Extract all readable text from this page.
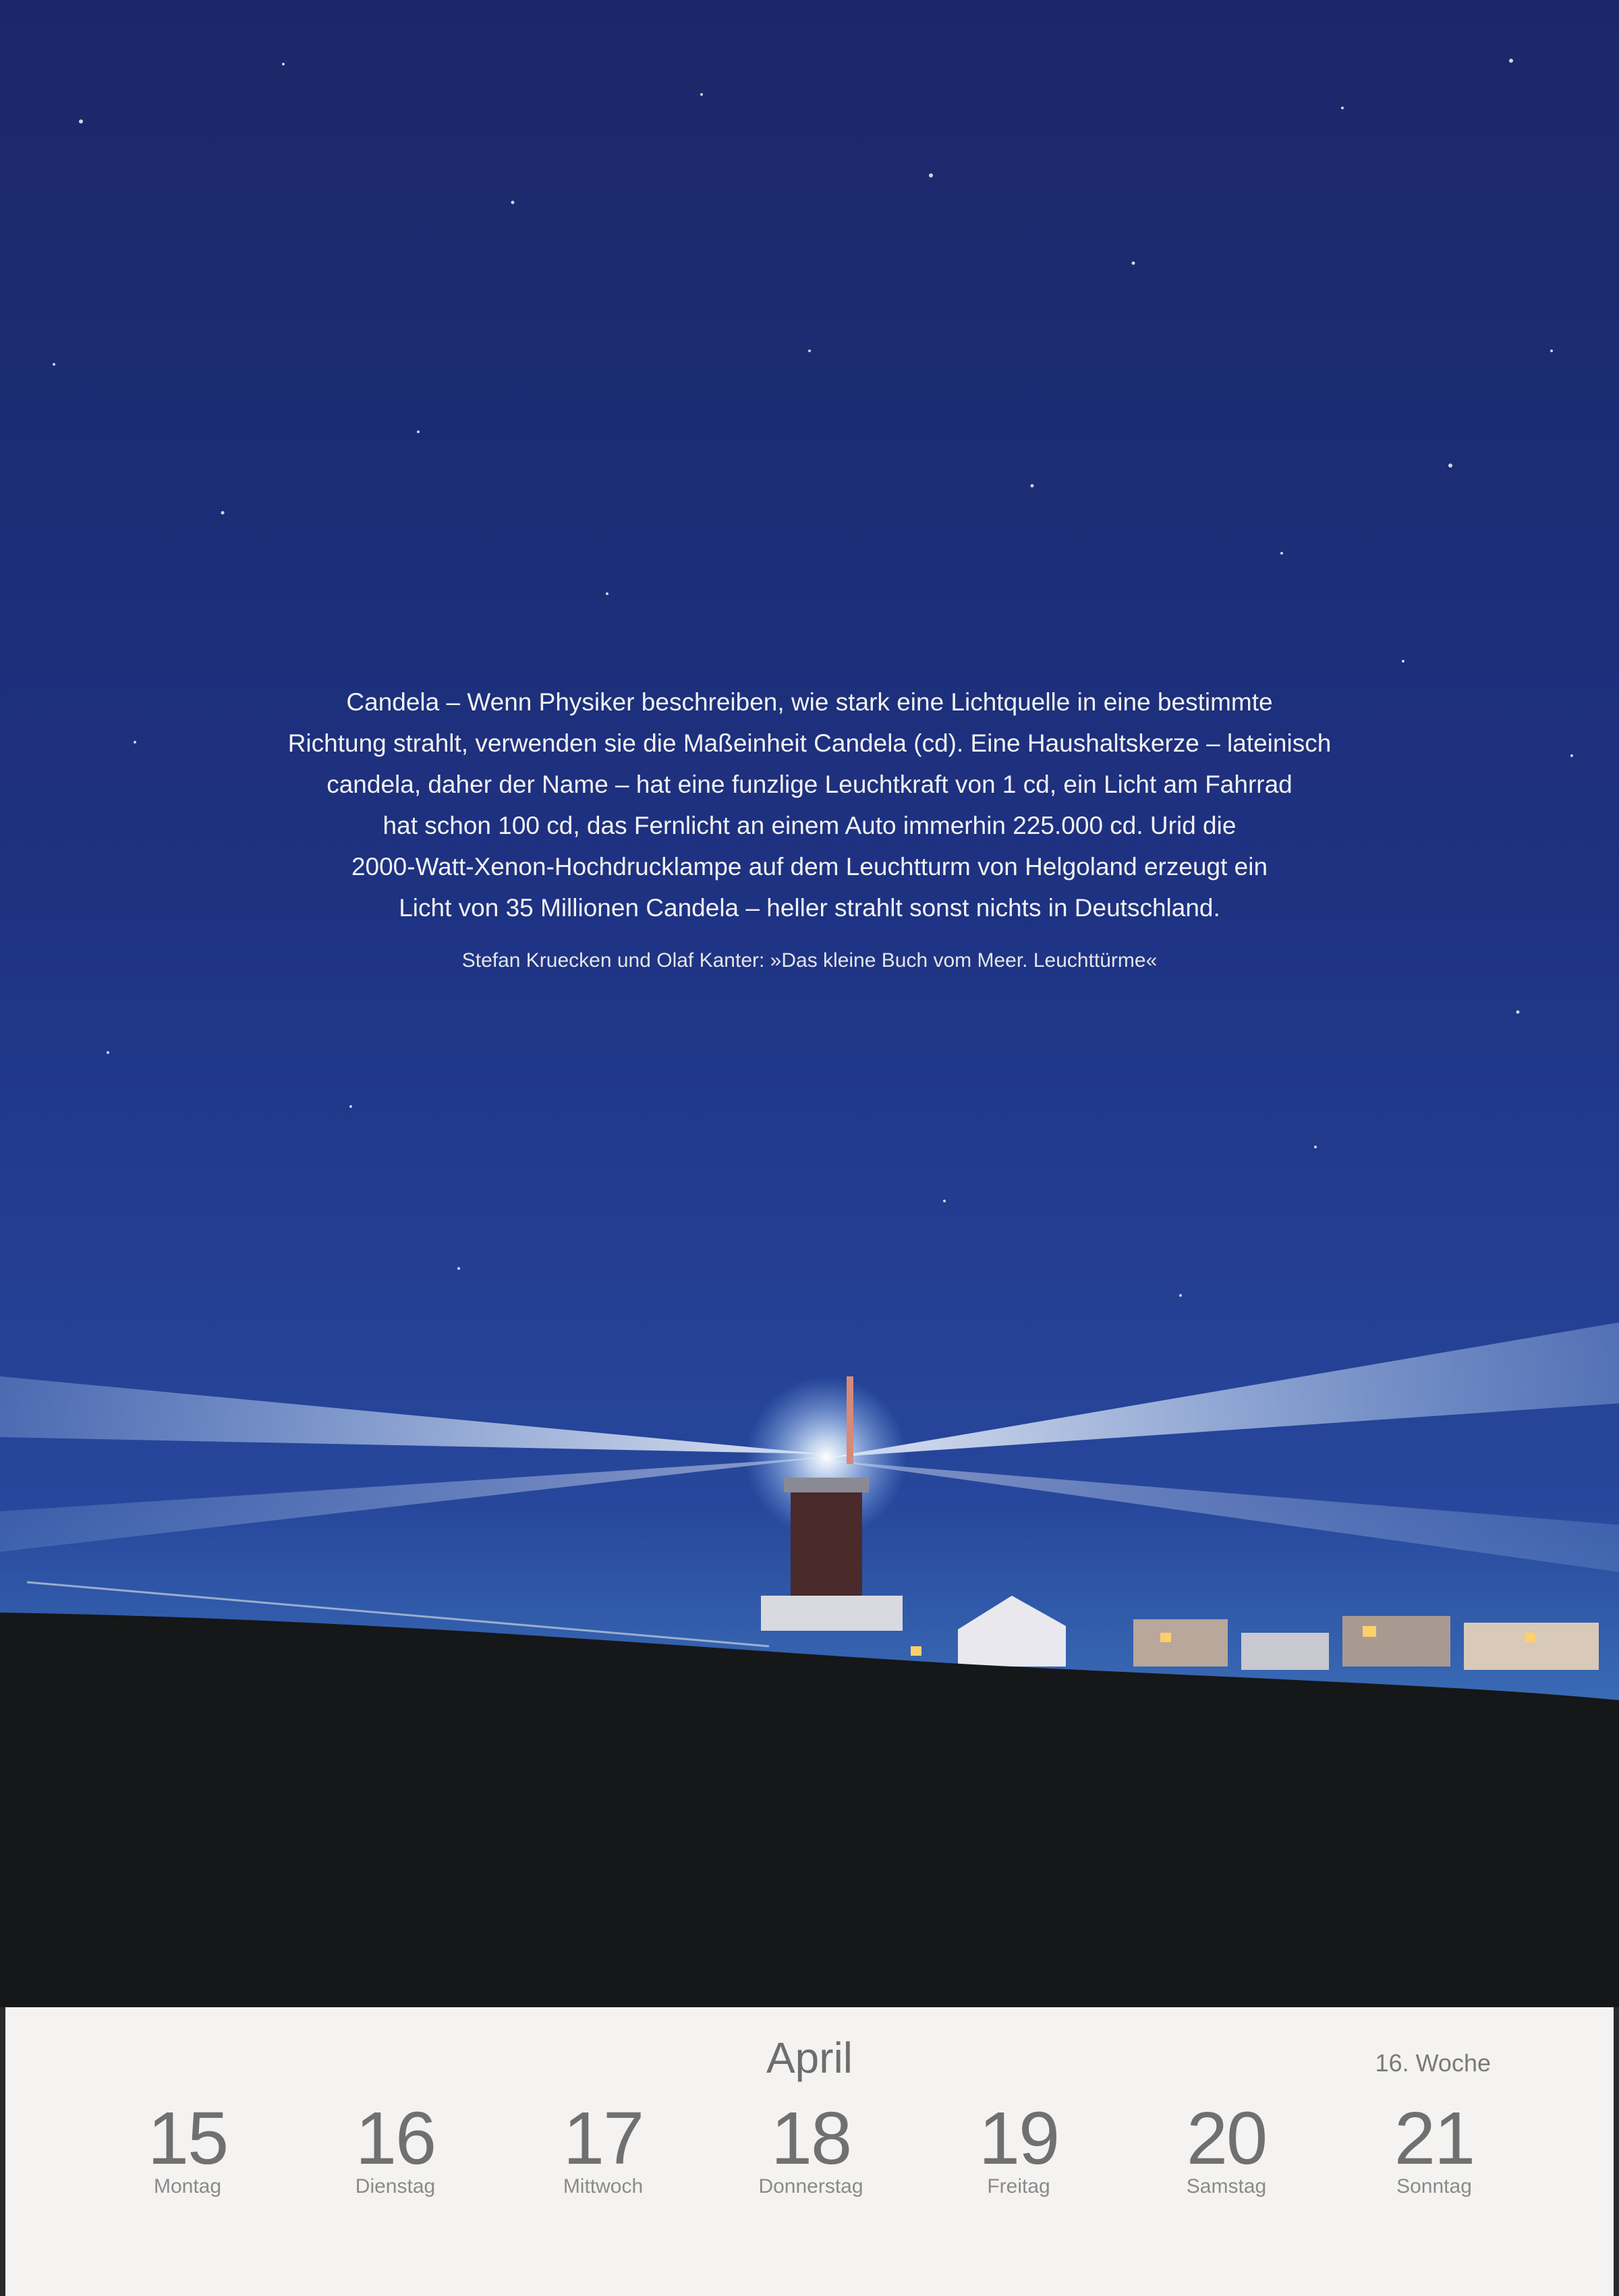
Candela – Wenn Physiker beschreiben, wie stark eine Lichtquelle in eine bestimmte
Richtung strahlt, verwenden sie die Maßeinheit Candela (cd). Eine Haushaltskerze – lateinisch
candela, daher der Name – hat eine funzlige Leuchtkraft von 1 cd, ein Licht am Fahrrad
hat schon 100 cd, das Fernlicht an einem Auto immerhin 225.000 cd. Urid die
2000-Watt-Xenon-Hochdrucklampe auf dem Leuchtturm von Helgoland erzeugt ein
Licht von 35 Millionen Candela – heller strahlt sonst nichts in Deutschland.
Stefan Kruecken und Olaf Kanter: »Das kleine Buch vom Meer. Leuchttürme«
April	16. Woche
15
Montag
16
Dienstag
17
Mittwoch
18
Donnerstag
19
Freitag
20
Samstag
21
Sonntag
